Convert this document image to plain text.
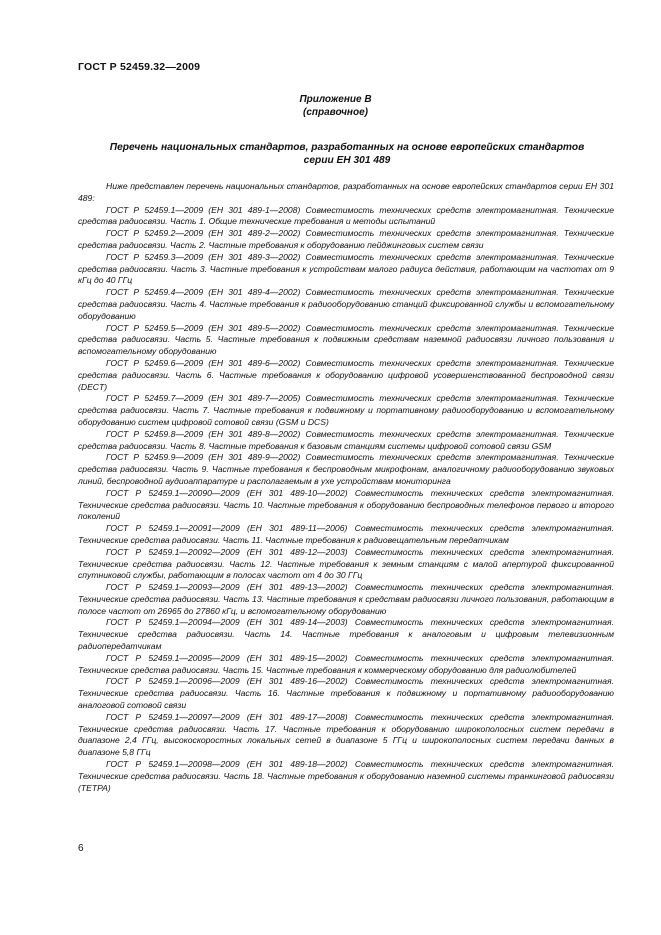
ГОСТ Р 52459.32—2009
Приложение В
(справочное)
Перечень национальных стандартов, разработанных на основе европейских стандартов
серии ЕН 301 489

Ниже представлен перечень национальных стандартов, разработанных на основе европейских стандартов серии ЕН 301 489:

ГОСТ Р 52459.1—2009 (ЕН 301 489-1—2008) Совместимость технических средств электромагнитная. Технические средства радиосвязи. Часть 1. Общие технические требования и методы испытаний

ГОСТ Р 52459.2—2009 (ЕН 301 489-2—2002) Совместимость технических средств электромагнитная. Технические средства радиосвязи. Часть 2. Частные требования к оборудованию пейджинговых систем связи

ГОСТ Р 52459.3—2009 (ЕН 301 489-3—2002) Совместимость технических средств электромагнитная. Технические средства радиосвязи. Часть 3. Частные требования к устройствам малого радиуса действия, работающим на частотах от 9 кГц до 40 ГГц

ГОСТ Р 52459.4—2009 (ЕН 301 489-4—2002) Совместимость технических средств электромагнитная. Технические средства радиосвязи. Часть 4. Частные требования к радиооборудованию станций фиксированной службы и вспомогательному оборудованию

ГОСТ Р 52459.5—2009 (ЕН 301 489-5—2002) Совместимость технических средств электромагнитная. Технические средства радиосвязи. Часть 5. Частные требования к подвижным средствам наземной радиосвязи личного пользования и вспомогательному оборудованию

ГОСТ Р 52459.6—2009 (ЕН 301 489-6—2002) Совместимость технических средств электромагнитная. Технические средства радиосвязи. Часть 6. Частные требования к оборудованию цифровой усовершенствованной беспроводной связи (DECT)

ГОСТ Р 52459.7—2009 (ЕН 301 489-7—2005) Совместимость технических средств электромагнитная. Технические средства радиосвязи. Часть 7. Частные требования к подвижному и портативному радиооборудованию и вспомогательному оборудованию систем цифровой сотовой связи (GSM и DCS)

ГОСТ Р 52459.8—2009 (ЕН 301 489-8—2002) Совместимость технических средств электромагнитная. Технические средства радиосвязи. Часть 8. Частные требования к базовым станциям системы цифровой сотовой связи GSM

ГОСТ Р 52459.9—2009 (ЕН 301 489-9—2002) Совместимость технических средств электромагнитная. Технические средства радиосвязи. Часть 9. Частные требования к беспроводным микрофонам, аналогичному радиооборудованию звуковых линий, беспроводной аудиоаппаратуре и располагаемым в ухе устройствам мониторинга

ГОСТ Р 52459.1—20090—2009 (ЕН 301 489-10—2002) Совместимость технических средств электромагнитная. Технические средства радиосвязи. Часть 10. Частные требования к оборудованию беспроводных телефонов первого и второго поколений

ГОСТ Р 52459.1—20091—2009 (ЕН 301 489-11—2006) Совместимость технических средств электромагнитная. Технические средства радиосвязи. Часть 11. Частные требования к радиовещательным передатчикам

ГОСТ Р 52459.1—20092—2009 (ЕН 301 489-12—2003) Совместимость технических средств электромагнитная. Технические средства радиосвязи. Часть 12. Частные требования к земным станциям с малой апертурой фиксированной спутниковой службы, работающим в полосах частот от 4 до 30 ГГц

ГОСТ Р 52459.1—20093—2009 (ЕН 301 489-13—2002) Совместимость технических средств электромагнитная. Технические средства радиосвязи. Часть 13. Частные требования к средствам радиосвязи личного пользования, работающим в полосе частот от 26965 до 27860 кГц, и вспомогательному оборудованию

ГОСТ Р 52459.1—20094—2009 (ЕН 301 489-14—2003) Совместимость технических средств электромагнитная. Технические средства радиосвязи. Часть 14. Частные требования к аналоговым и цифровым телевизионным радиопередатчикам

ГОСТ Р 52459.1—20095—2009 (ЕН 301 489-15—2002) Совместимость технических средств электромагнитная. Технические средства радиосвязи. Часть 15. Частные требования к коммерческому оборудованию для радиолюбителей

ГОСТ Р 52459.1—20096—2009 (ЕН 301 489-16—2002) Совместимость технических средств электромагнитная. Технические средства радиосвязи. Часть 16. Частные требования к подвижному и портативному радиооборудованию аналоговой сотовой связи

ГОСТ Р 52459.1—20097—2009 (ЕН 301 489-17—2008) Совместимость технических средств электромагнитная. Технические средства радиосвязи. Часть 17. Частные требования к оборудованию широкополосных систем передачи в диапазоне 2,4 ГГц, высокоскоростных локальных сетей в диапазоне 5 ГГц и широкополосных систем передачи данных в диапазоне 5,8 ГГц

ГОСТ Р 52459.1—20098—2009 (ЕН 301 489-18—2002) Совместимость технических средств электромагнитная. Технические средства радиосвязи. Часть 18. Частные требования к оборудованию наземной системы транкинговой радиосвязи (ТЕТРА)

6
